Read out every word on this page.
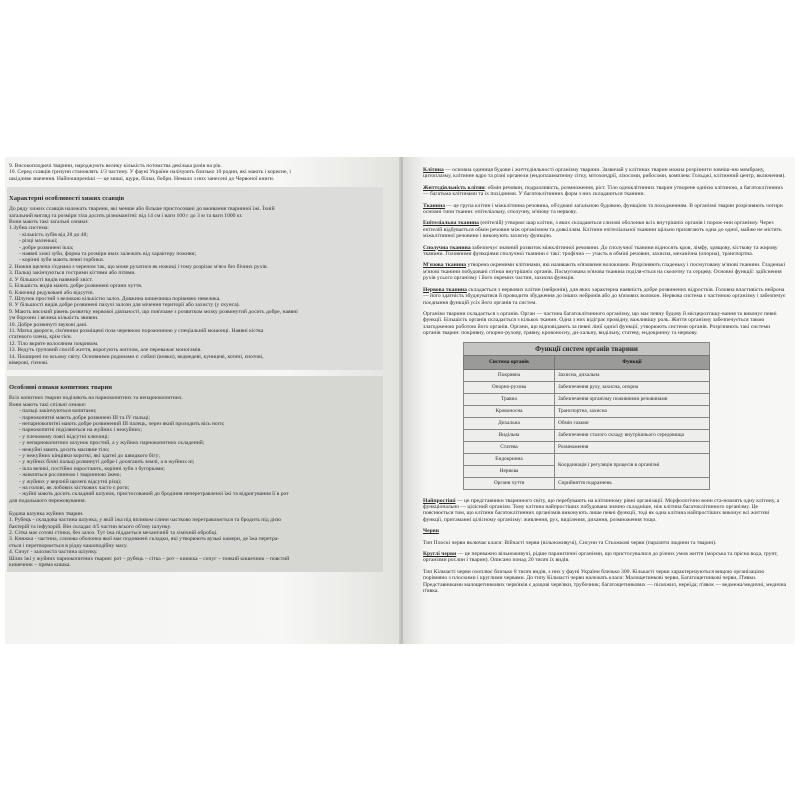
9. Високоплодючі тварини, народжують велику кількість потомства декілька разів на рік.
10. Серед ссавців гризуни становлять 1/3 частину. У фауні України налічують близько 10 родин, які мають і корисне, і
шкідливе значення. Найпоширеніші — це миші, щури, білки, бобри. Немало з них занесені до Червоної книги.
Характерні особливості хижих ссавців
До ряду хижих ссавців належать тварини, які менше або більше пристосовані до вживання тваринної їжі. Їхній
загальний вигляд та розміри тіла досить різноманітні: від 14 см і ваги 100 г до 3 м та ваги 1000 кг.
Вони мають такі загальні ознаки:
1.Зубна система:
- кількість зубів від 28 до 48;
- різці маленькі;
- добре розвинені ікла;
- наявні хижі зуби, форма та розміри яких залежать від характеру поживи;
- корінні зуби мають певні горбики.
2. Нижня щелепа з'єднана з черепом так, що може рухатися як ножиці і тому розрізає м'ясо без бічних рухів.
3. Пальці закінчуються гострими кігтями або пітями.
4. У більшості видів наявний хвіст.
5. Більшість видів мають добре розвинені органи чуття.
6. Ключиці редуковані або відсутні.
7. Шлунок простий з великою кількістю залоз. Довжина кишечника порівняно невелика.
8. У більшості видів добре розвинені пахучі залози для мічення території або захисту (у скунса).
9. Мають високий рівень розвитку нервової діяльності, що пов'язане з розвитком мозку розвинутий досить добре, наявні
ум борозни і велика кількість звивин.
10. Добре розвинуті звукові дані.
11. Матка двороги, сім'яники розміщені поза черевною порожниною у спеціальній мошонці. Наявні кістка
статевого члена, крім гієн.
12. Тіло вкрите волосяним покривом.
13. Ведуть груповий спосіб життя, ворогують житлом, але переважає моногамія.
14. Поширені по всьому світу. Основними родинами є: собачі (вовки), ведмедеві, куницеві, котячі, єнотові,
віверові, гієнові.
Особливі ознаки копитних тварин
Всіх копитних тварин поділяють на парнокопитних та непарнокопитних.
Вони мають такі спільні ознаки:
- пальці закінчуються копитами;
- парнокопитні мають добре розвинені III та IV пальці;
- непарнокопитні мають добре розвинений III палець, через який проходить вісь ноги;
- парнокопитні поділяються на жуйних і нежуйних;
- у плечовому поясі відсутні ключиці;
- у непарнокопитних шлунок простий, а у жуйних парнокопитних складений;
- нежуйні мають досить масивне тіло;
- у нежуйних кінцівки короткі, які здатні до швидкого бігу;
- у жуйних бічні пальці розвинуті добре і досягають землі, а в жуйних ні;
- ікла великі, постійно наростають, корінні зуби з бугорками;
- живляться рослинною і тваринною їжею;
- у жуйних у верхній щелепі відсутні різці;
- на голові, як лобових кісткових часто є роги;
- жуйні мають досить складний шлунок, пристосований до бродіння неперетравленої їжі та відригування її в рот
для подальшого пережовування.

Будова шлунка жуйних тварин.
1. Рубець - складова частина шлунка, у якій їжа під впливом слини частково перетравлюється та бродить під дією
бактерій та інфузорій. Він складає 4/5 частин всього об'єму шлунку.
2. Сітка має сотові стінки, без залоз. Тут їжа піддається механічній та хімічній обробці.
3. Книжка - частина, слизова оболонка якої має подовжені складки, які утворюють вузькі камери, де їжа перетра-
ється і перетворюється в рідку кашоподібну масу.
4. Сичуг - залозиста частина шлунку.
Шлях їжі у жуйних парнокопитних тварин: рот – рубець – сітка – рот – книжка – сичуг – тонкий кишечник – повстий
кишечник – пряма кишка.

Клітина — основна одиниця будови і життєдіяльності організму тварини. Зазвичай у клітинах тварин можна розрізнити зовніш-ню мембрану, цитоплазму, клітинне ядро та різні органели (ендоплазматичну сітку, мітохондрії, лізосоми, рибосоми, комплекс Гольджі, клітинний центр, включення).

Життєдіяльність клітин: обмін речовин, подразливість, розмноження, ріст. Тіло одноклітинних тварин утворене однією клітиною, а багатоклітинних — багатьма клітинами та їх похідними. У багатоклітинних форм з них складаються тканини.

Тканина — це група клітин і міжклітинна речовина, об'єднані загальною будовою, функцією та походженням. В організмі тварин розрізняють чотири основні типи тканин: епітеліальну, сполучну, м'язову та нервову.

Епітеліальна тканина (епітелій) утворює шар клітин, з яких складаються слизові оболонки всіх внутрішніх органів і порож-нин організму. Через епітелій відбувається обмін речовин між організмом та довкіллям. Клітини епітеліальної тканини щільно прилягають одна до одної, майже не містять міжклітинної речовини і виконують захисну функцію.

Сполучна тканина забезпечує значний розвиток міжклітинної речовини. До сполучної тканини відносять кров, лімфу, хрящову, кісткову та жирову тканини. Головними функціями сполучної тканини є такі: трофічна — участь в обміні речовин, захисна, механічна (опорна), транспортна.

М'язова тканина утворена окремими клітинами, які називають м'язовими волокнами. Розрізняють гладеньку і посмуговану м'язові тканини. Гладенькі м'язові тканини побудовані стінки внутрішніх органів. Посмугована м'язова тканина поділя-ється на скелетну та серцеву. Основні функції: здійснення рухів усього організму і його окремих частин, захисна функція.

Нервова тканина складається з нервових клітин (нейронів), для яких характерна наявність добре розвинених відростків. Головна властивість нейрона — його здатність збуджуватися й проводити збудження до інших нейронів або до м'язових волокон. Нервова система є частиною організму і забезпечує поєднання функцій усіх його органів та систем.

Організм тварини складається з органів. Орган — частина багатоклітинного організму, що має певну будову й місцерозташу-вання та виконує певні функції. Більшість органів складається з кількох тканин. Одна з них відіграє провідну, важливішу роль. Життя організму забезпечується такою злагодженою роботою його органів. Органи, що відповідають за певні лінії однієї функції, утворюють системи органів. Розрізняють такі системи органів тварин: покривну, опорно-рухову, травну, кровоносну, ди-хальну, видільну, статеву, ендокринну та нервову.

Функції систем органів тварини
Система органів	Функції
Покривна	Захисна, дихальна
Опорно-рухова	Забезпечення руху, захисна, опорна
Травна	Забезпечення організму поживними речовинами
Кровоносна	Транспортна, захисна
Дихальна	Обмін газами
Видільна	Забезпечення сталого складу внутрішнього середовища
Статева	Розмноження
Ендокринна	Координація і регуляція процесів в організмі
Нервова	
Органи чуття	Сприйняття подразнень

Найпростіші — це представники тваринного світу, що перебувають на клітинному рівні організації. Морфологічно вони ста-новлять одну клітину, а функціонально — цілісний організм. Тому клітина найпростіших побудована значно складніше, ніж клітина багатоклітинного організму. Це пояснюється тим, що клітини багатоклітинних організмів виконують лише певні функції, тоді як одна клітина найпростіших виконує всі життєві функції, притаманні цілісному організму: живлення, рух, виділення, дихання, розмноження тощо.

Черви

Тип Плоскі черви включає класи: Війчасті черви (вільноживучі), Сисуни та Стьожкові черви (паразити людини та тварин).

Круглі черви — це переважно вільноживучі, рідше паразитичні організми, що пристосувалися до різних умов життя (морська та прісна вода, ґрунт, організми рослин і тварин). Описано понад 20 тисяч їх видів.

Тип Кільчасті черви охоплює близько 8 тисяч видів, з них у фауні України близько 300. Кількасті черви характеризуються вищою організацією порівняно з плоскими і круглими червами. До типу Кільчасті черви належать класи: Малощетинкові черви, Багатощетинкові черви, П'явки. Представниками малощетинкових черв'яків є дощові черв'яки, трубочник; багатощетинкових — піскожил, нереїда; п'явок — ведмежа/медичні, медична п'явка.
